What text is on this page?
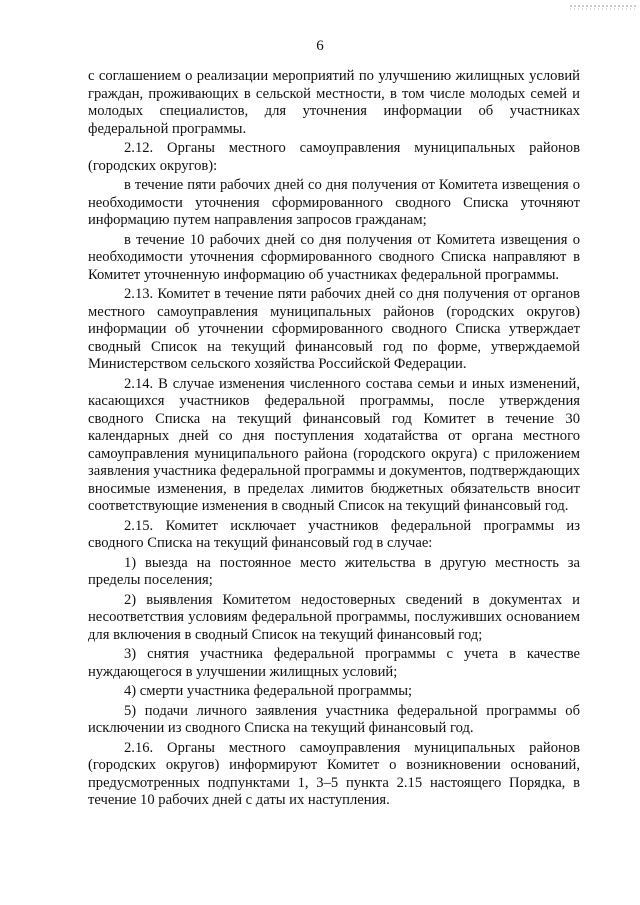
6

с соглашением о реализации мероприятий по улучшению жилищных условий граждан, проживающих в сельской местности, в том числе молодых семей и молодых специалистов, для уточнения информации об участниках федеральной программы.

2.12. Органы местного самоуправления муниципальных районов (городских округов):

в течение пяти рабочих дней со дня получения от Комитета извещения о необходимости уточнения сформированного сводного Списка уточняют информацию путем направления запросов гражданам;

в течение 10 рабочих дней со дня получения от Комитета извещения о необходимости уточнения сформированного сводного Списка направляют в Комитет уточненную информацию об участниках федеральной программы.

2.13. Комитет в течение пяти рабочих дней со дня получения от органов местного самоуправления муниципальных районов (городских округов) информации об уточнении сформированного сводного Списка утверждает сводный Список на текущий финансовый год по форме, утверждаемой Министерством сельского хозяйства Российской Федерации.

2.14. В случае изменения численного состава семьи и иных изменений, касающихся участников федеральной программы, после утверждения сводного Списка на текущий финансовый год Комитет в течение 30 календарных дней со дня поступления ходатайства от органа местного самоуправления муниципального района (городского округа) с приложением заявления участника федеральной программы и документов, подтверждающих вносимые изменения, в пределах лимитов бюджетных обязательств вносит соответствующие изменения в сводный Список на текущий финансовый год.

2.15. Комитет исключает участников федеральной программы из сводного Списка на текущий финансовый год в случае:

1) выезда на постоянное место жительства в другую местность за пределы поселения;

2) выявления Комитетом недостоверных сведений в документах и несоответствия условиям федеральной программы, послуживших основанием для включения в сводный Список на текущий финансовый год;

3) снятия участника федеральной программы с учета в качестве нуждающегося в улучшении жилищных условий;

4) смерти участника федеральной программы;

5) подачи личного заявления участника федеральной программы об исключении из сводного Списка на текущий финансовый год.

2.16. Органы местного самоуправления муниципальных районов (городских округов) информируют Комитет о возникновении оснований, предусмотренных подпунктами 1, 3–5 пункта 2.15 настоящего Порядка, в течение 10 рабочих дней с даты их наступления.
